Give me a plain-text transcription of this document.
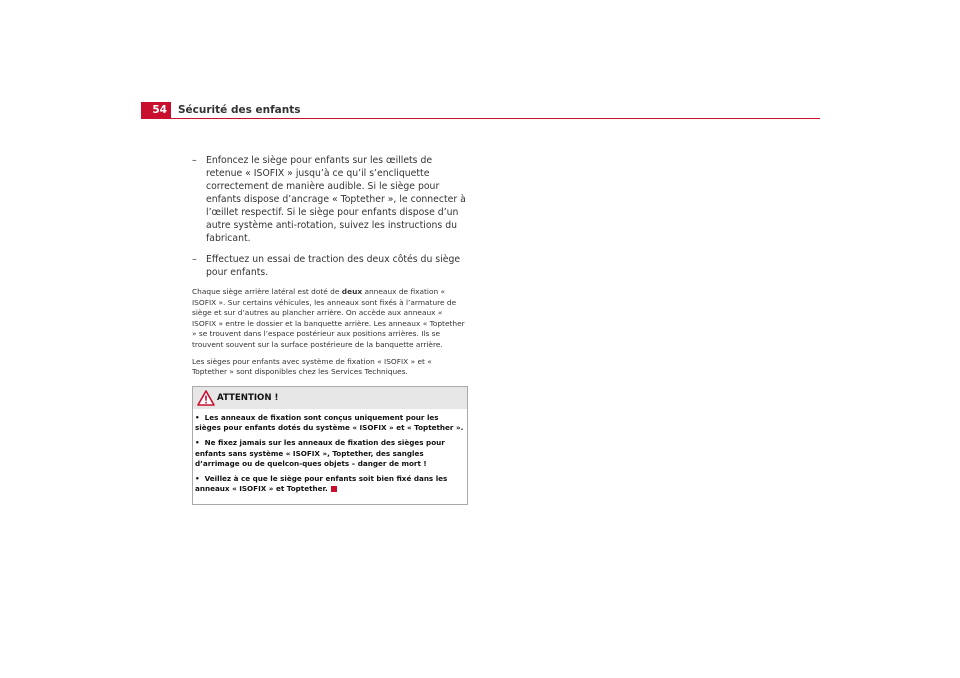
54	Sécurité des enfants
– Enfoncez le siège pour enfants sur les œillets de retenue « ISOFIX » jusqu’à ce qu’il s’encliquette correctement de manière audible. Si le siège pour enfants dispose d’ancrage « Toptether », le connecter à l’œillet respectif. Si le siège pour enfants dispose d’un autre système anti-rotation, suivez les instructions du fabricant.
– Effectuez un essai de traction des deux côtés du siège pour enfants.

Chaque siège arrière latéral est doté de deux anneaux de fixation « ISOFIX ». Sur certains véhicules, les anneaux sont fixés à l’armature de siège et sur d’autres au plancher arrière. On accède aux anneaux « ISOFIX » entre le dossier et la banquette arrière. Les anneaux « Toptether » se trouvent dans l’espace postérieur aux positions arrières. Ils se trouvent souvent sur la surface postérieure de la banquette arrière.

Les sièges pour enfants avec système de fixation « ISOFIX » et « Toptether » sont disponibles chez les Services Techniques.

ATTENTION !
• Les anneaux de fixation sont conçus uniquement pour les sièges pour enfants dotés du système « ISOFIX » et « Toptether ».
• Ne fixez jamais sur les anneaux de fixation des sièges pour enfants sans système « ISOFIX », Toptether, des sangles d’arrimage ou de quelcon-ques objets – danger de mort !
• Veillez à ce que le siège pour enfants soit bien fixé dans les anneaux « ISOFIX » et Toptether.
